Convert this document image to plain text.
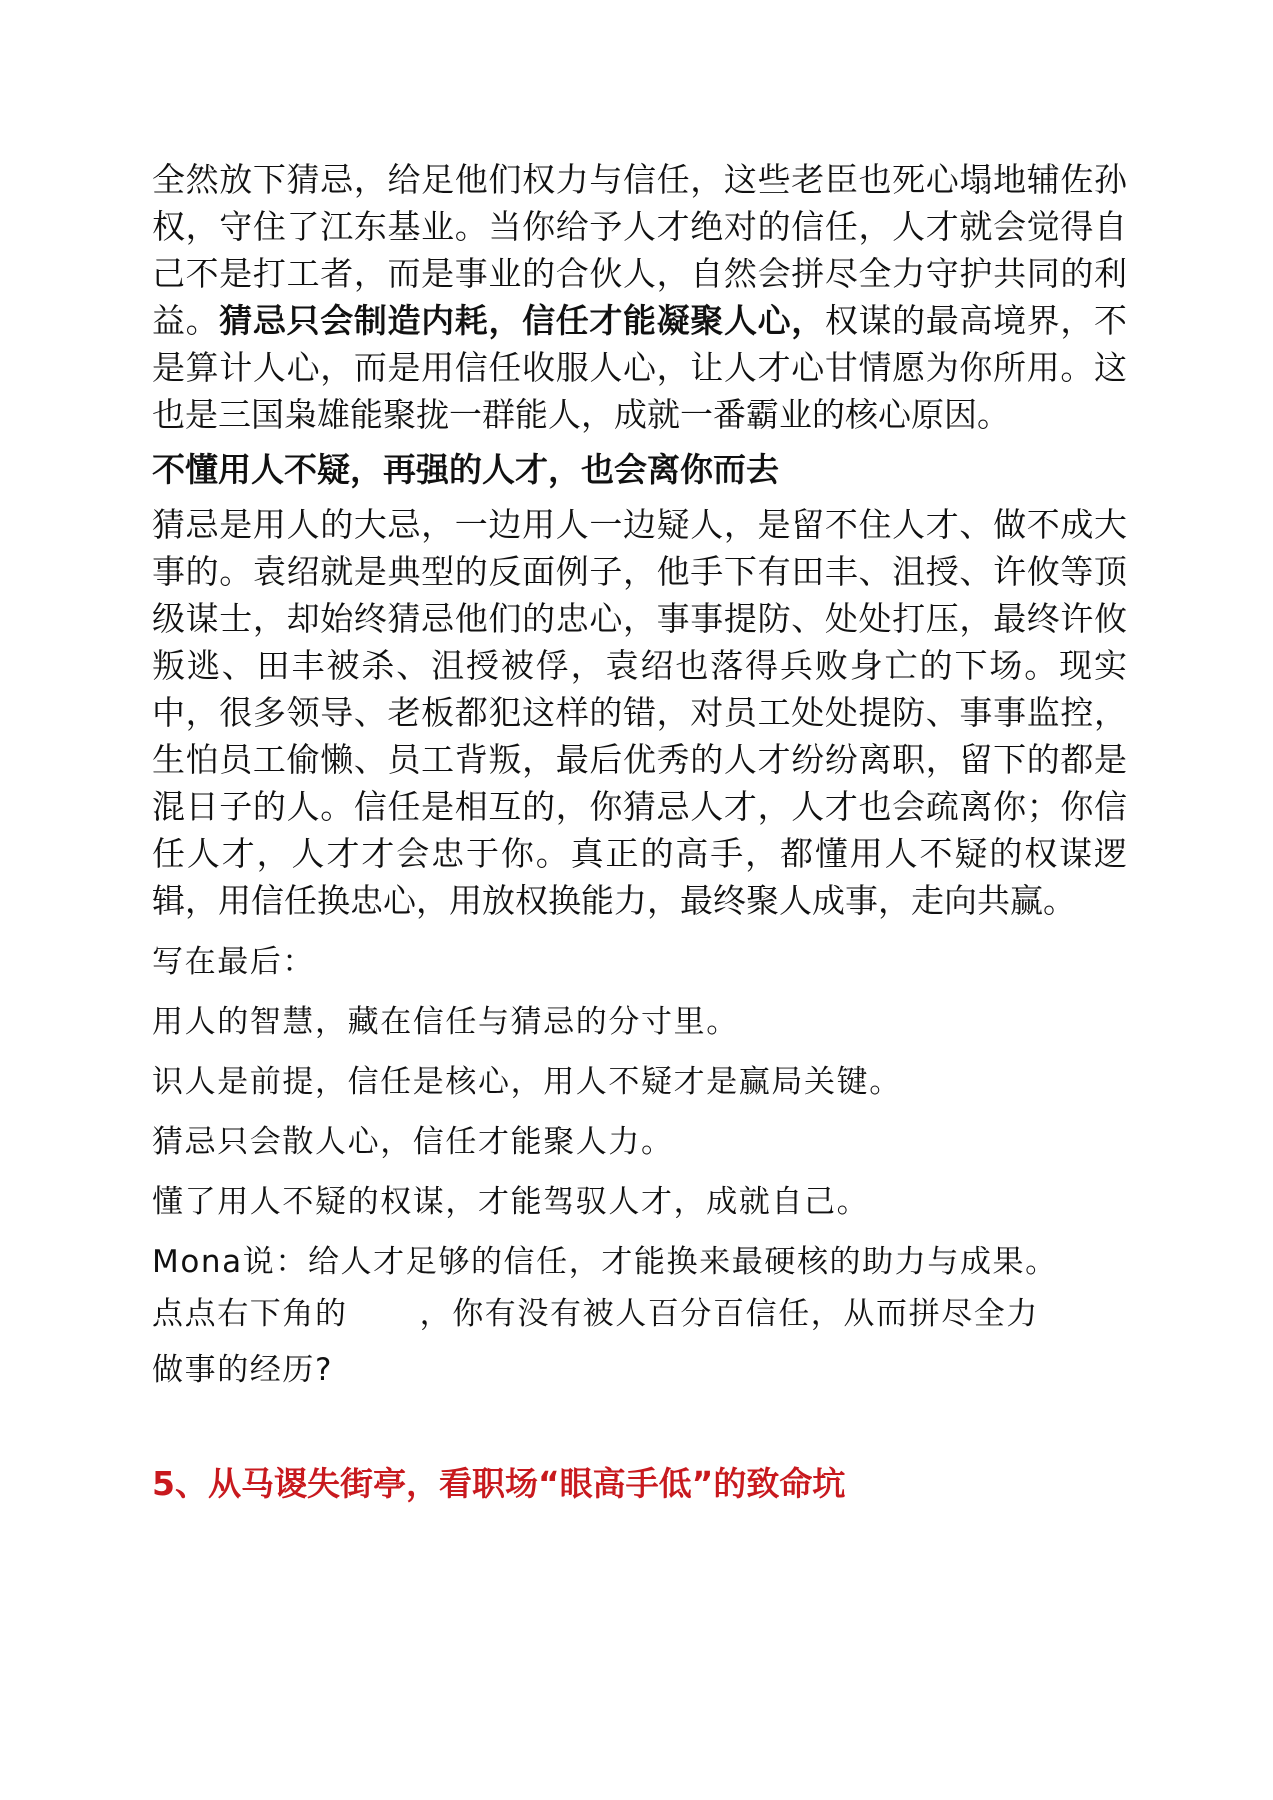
全然放下猜忌，给足他们权力与信任，这些老臣也死心塌地辅佐孙权，守住了江东基业。当你给予人才绝对的信任，人才就会觉得自己不是打工者，而是事业的合伙人，自然会拼尽全力守护共同的利益。猜忌只会制造内耗，信任才能凝聚人心，权谋的最高境界，不是算计人心，而是用信任收服人心，让人才心甘情愿为你所用。这也是三国枭雄能聚拢一群能人，成就一番霸业的核心原因。

不懂用人不疑，再强的人才，也会离你而去

猜忌是用人的大忌，一边用人一边疑人，是留不住人才、做不成大事的。袁绍就是典型的反面例子，他手下有田丰、沮授、许攸等顶级谋士，却始终猜忌他们的忠心，事事提防、处处打压，最终许攸叛逃、田丰被杀、沮授被俘，袁绍也落得兵败身亡的下场。现实中，很多领导、老板都犯这样的错，对员工处处提防、事事监控，生怕员工偷懒、员工背叛，最后优秀的人才纷纷离职，留下的都是混日子的人。信任是相互的，你猜忌人才，人才也会疏离你；你信任人才，人才才会忠于你。真正的高手，都懂用人不疑的权谋逻辑，用信任换忠心，用放权换能力，最终聚人成事，走向共赢。

写在最后：

用人的智慧，藏在信任与猜忌的分寸里。

识人是前提，信任是核心，用人不疑才是赢局关键。

猜忌只会散人心，信任才能聚人力。

懂了用人不疑的权谋，才能驾驭人才，成就自己。

Mona说：给人才足够的信任，才能换来最硬核的助力与成果。

点点右下角的 ，你有没有被人百分百信任，从而拼尽全力

做事的经历?

5、从马谡失街亭，看职场“眼高手低”的致命坑
